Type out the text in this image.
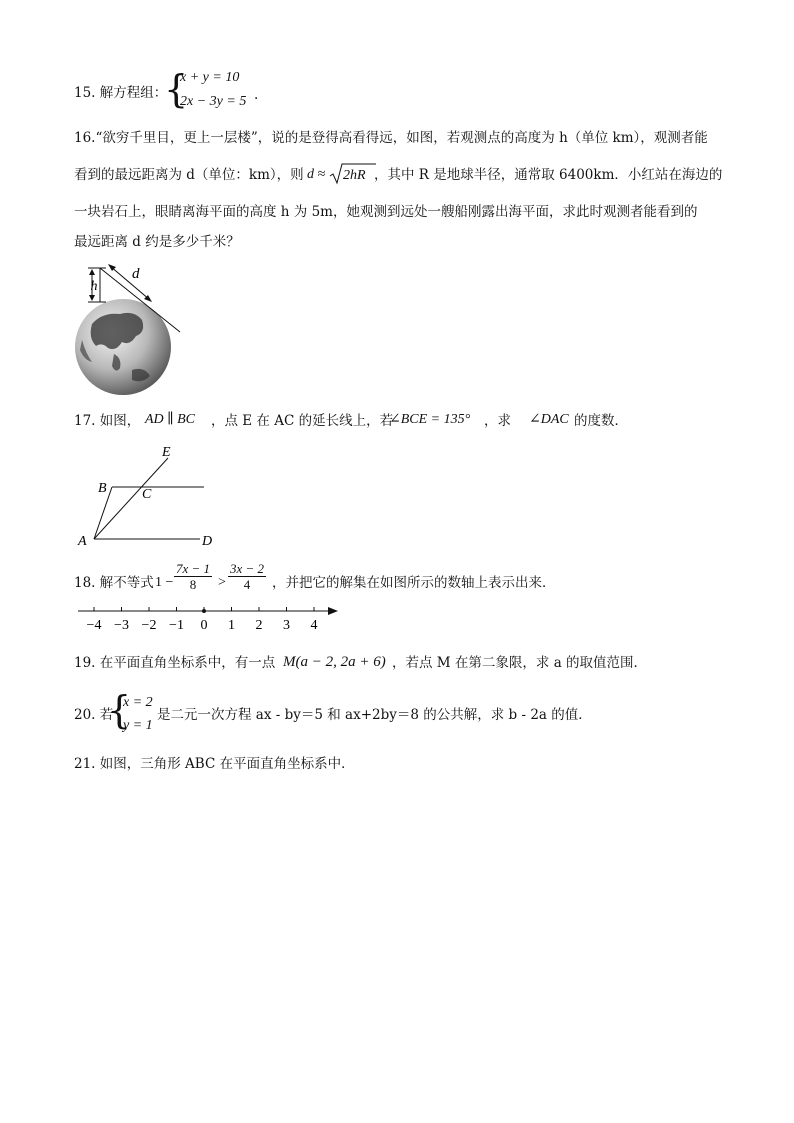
15. 解方程组：
{
x + y = 10
2x − 3y = 5 .
16.“欲穷千里目，更上一层楼”，说的是登得高看得远，如图，若观测点的高度为 h（单位 km），观测者能
看到的最远距离为 d（单位：km），则 d ≈ 2hR ，其中 R 是地球半径，通常取 6400km．小红站在海边的
一块岩石上，眼睛离海平面的高度 h 为 5m，她观测到远处一艘船刚露出海平面，求此时观测者能看到的
最远距离 d 约是多少千米？
h
d
17. 如图， AD ∥ BC ，点 E 在 AC 的延长线上，若
∠BCE = 135° ，求 ∠DAC 的度数．
A
B	C
D
E
18. 解不等式 $1 - \frac{7x - 1}{8} > \frac{3x - 2}{4}$ ，并把它的解集在如图所示的数轴上表示出来．
−4 −3 −2 −1 0 1 2 3 4
19. 在平面直角坐标系中，有一点 M(a − 2, 2a + 6) ，若点 M 在第二象限，求 a 的取值范围．
20. 若
{
x = 2
y = 1
是二元一次方程 ax - by＝5 和 ax+2by＝8 的公共解，求 b - 2a 的值．
21. 如图，三角形 ABC 在平面直角坐标系中．
